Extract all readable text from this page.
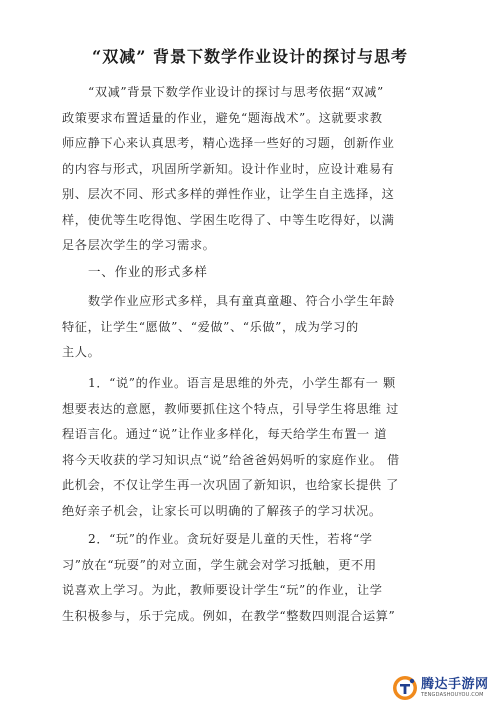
“双减” 背景下数学作业设计的探讨与思考
“双减”背景下数学作业设计的探讨与思考依据“双减”
政策要求布置适量的作业，避免“题海战术”。这就要求教
师应静下心来认真思考，精心选择一些好的习题，创新作业
的内容与形式，巩固所学新知。设计作业时，应设计难易有
别、层次不同、形式多样的弹性作业，让学生自主选择，这
样，使优等生吃得饱、学困生吃得了、中等生吃得好，以满
足各层次学生的学习需求。
一、作业的形式多样
数学作业应形式多样，具有童真童趣、符合小学生年龄
特征，让学生“愿做”、“爱做”、“乐做”，成为学习的
主人。
1．“说”的作业。语言是思维的外壳，小学生都有一 颗
想要表达的意愿，教师要抓住这个特点，引导学生将思维 过
程语言化。通过“说”让作业多样化，每天给学生布置一 道
将今天收获的学习知识点“说”给爸爸妈妈听的家庭作业。 借
此机会，不仅让学生再一次巩固了新知识，也给家长提供 了
绝好亲子机会，让家长可以明确的了解孩子的学习状况。
2．“玩”的作业。贪玩好耍是儿童的天性，若将“学
习”放在“玩耍”的对立面，学生就会对学习抵触，更不用
说喜欢上学习。为此，教师要设计学生“玩”的作业，让学
生积极参与，乐于完成。例如，在教学“整数四则混合运算”
腾达手游网
TENGDASHOUYOU.COM
